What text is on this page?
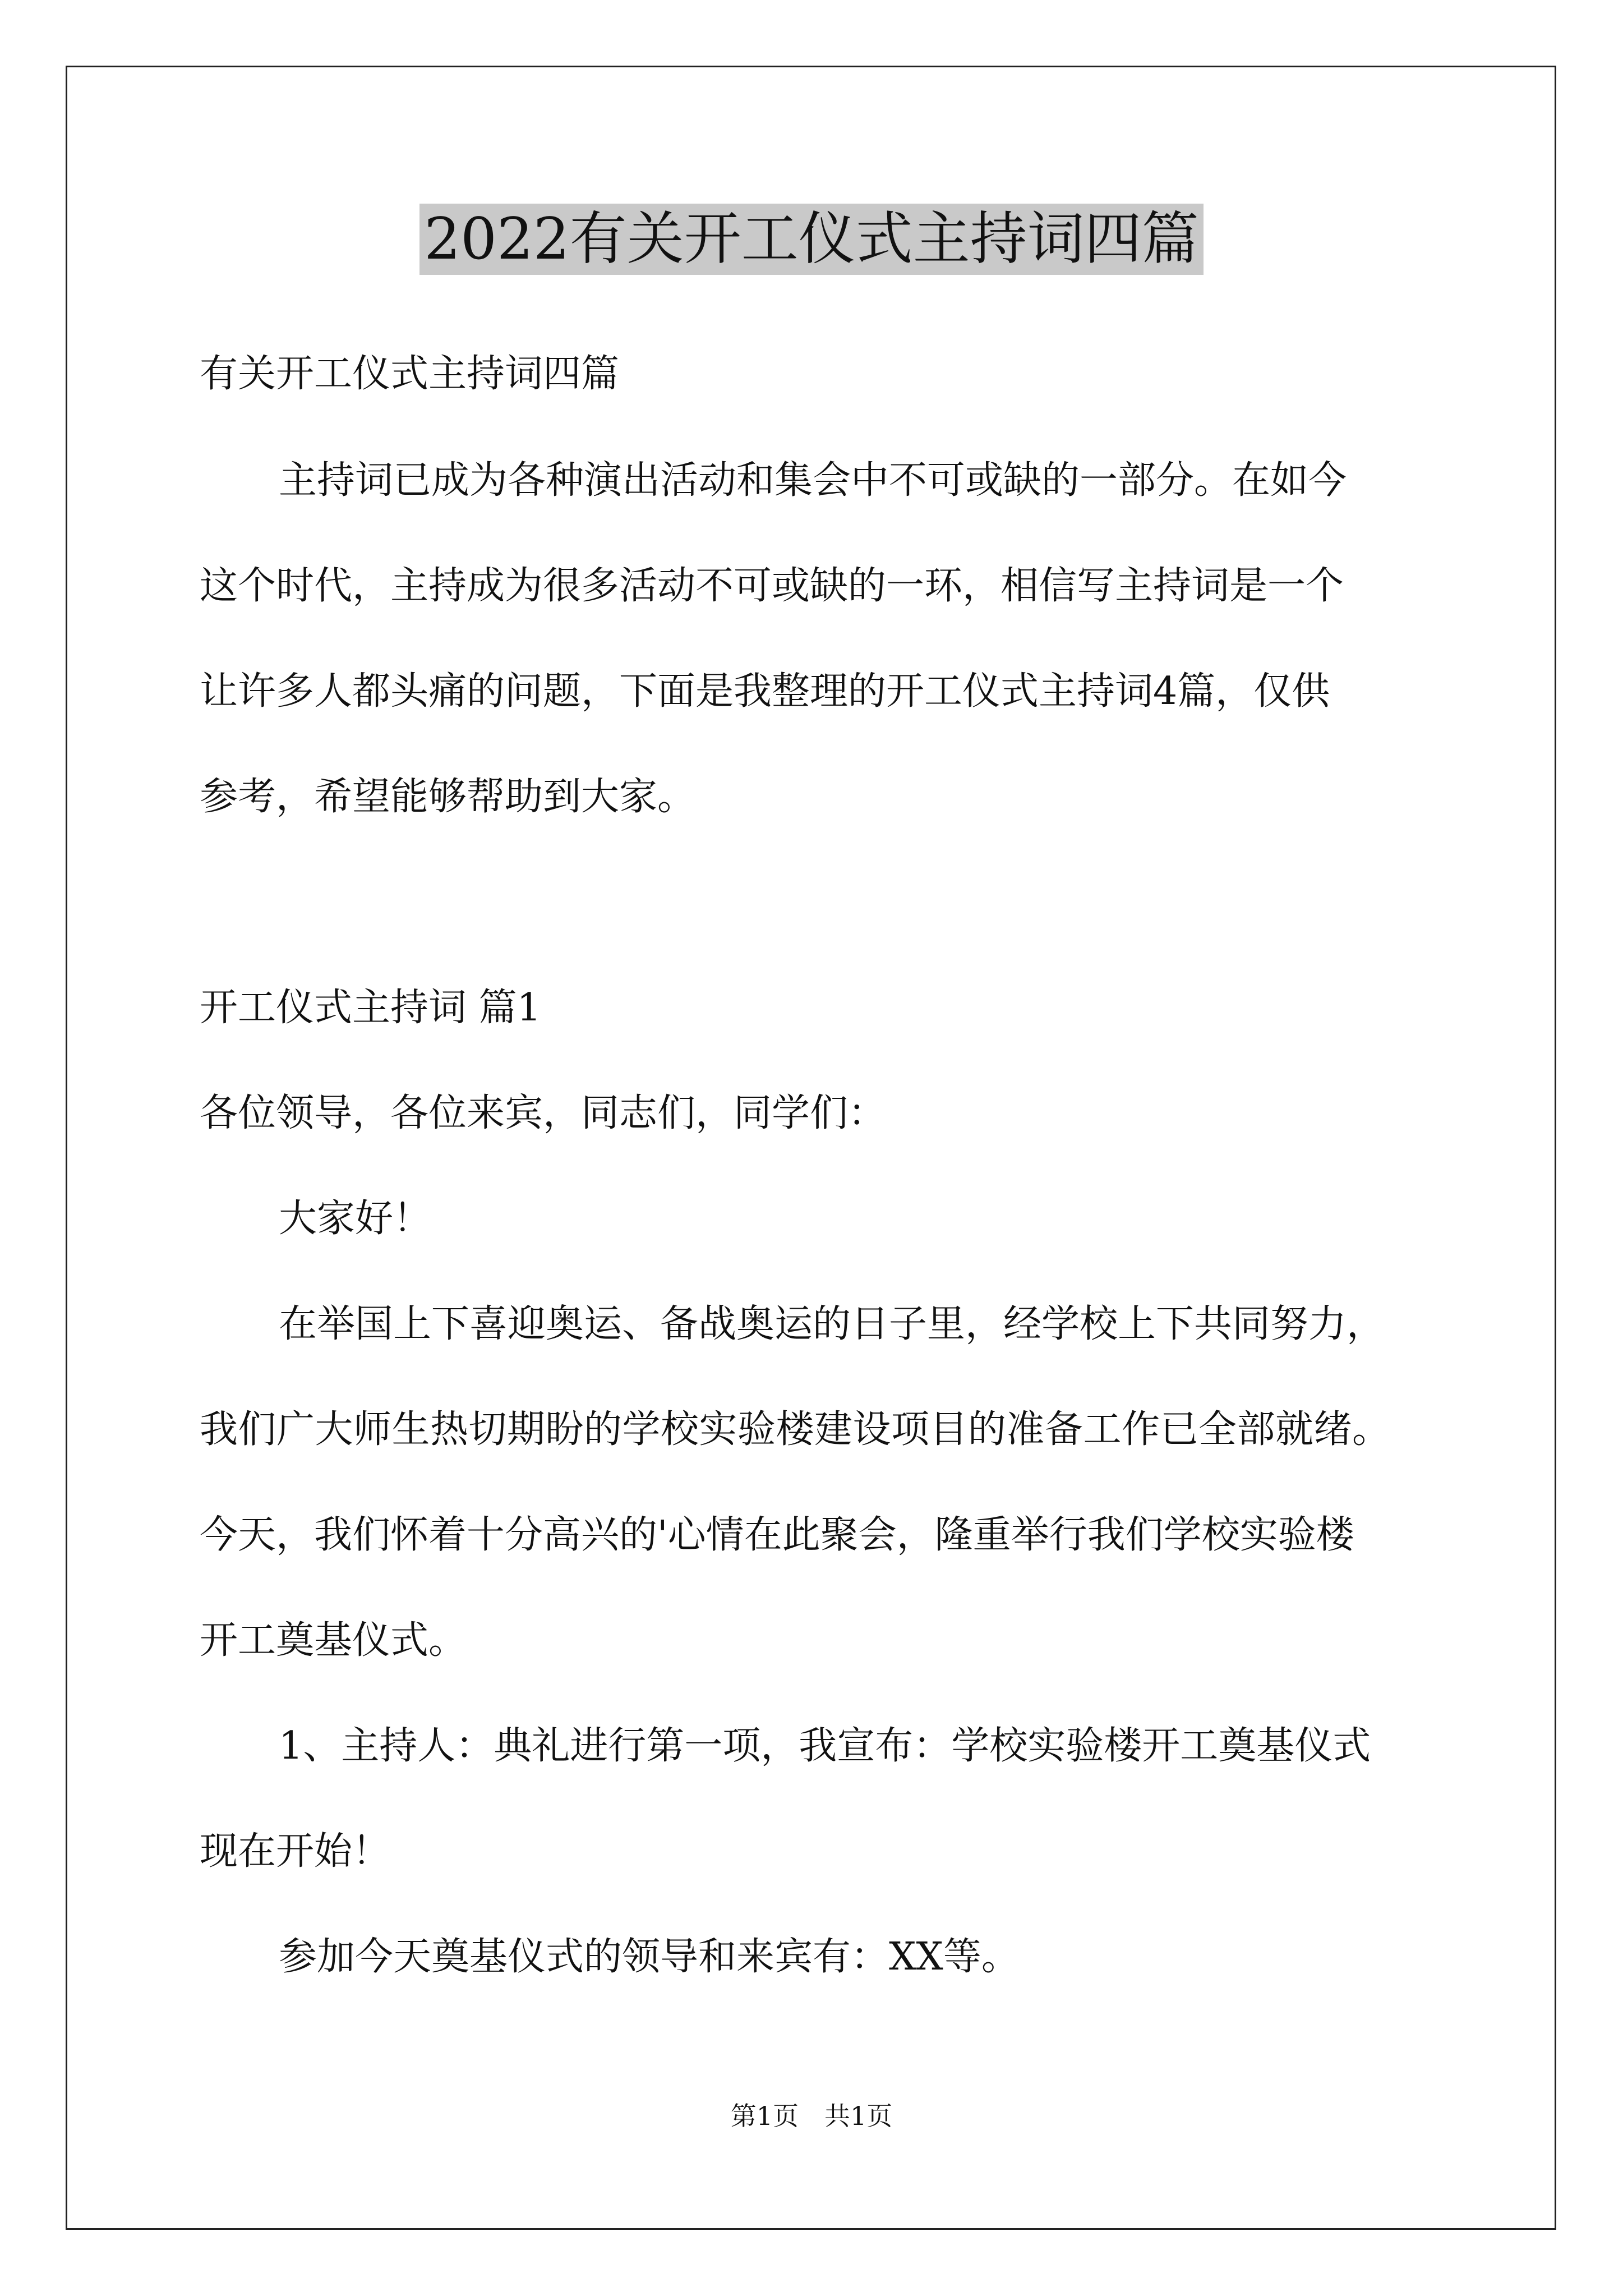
2022有关开工仪式主持词四篇

有关开工仪式主持词四篇

主持词已成为各种演出活动和集会中不可或缺的一部分。在如今

这个时代，主持成为很多活动不可或缺的一环，相信写主持词是一个

让许多人都头痛的问题，下面是我整理的开工仪式主持词4篇，仅供

参考，希望能够帮助到大家。

开工仪式主持词 篇1

各位领导，各位来宾，同志们，同学们：

大家好！

在举国上下喜迎奥运、备战奥运的日子里，经学校上下共同努力，

我们广大师生热切期盼的学校实验楼建设项目的准备工作已全部就绪。

今天，我们怀着十分高兴的'心情在此聚会，隆重举行我们学校实验楼

开工奠基仪式。

1、主持人：典礼进行第一项，我宣布：学校实验楼开工奠基仪式

现在开始！

参加今天奠基仪式的领导和来宾有：XX等。

第1页　共1页
